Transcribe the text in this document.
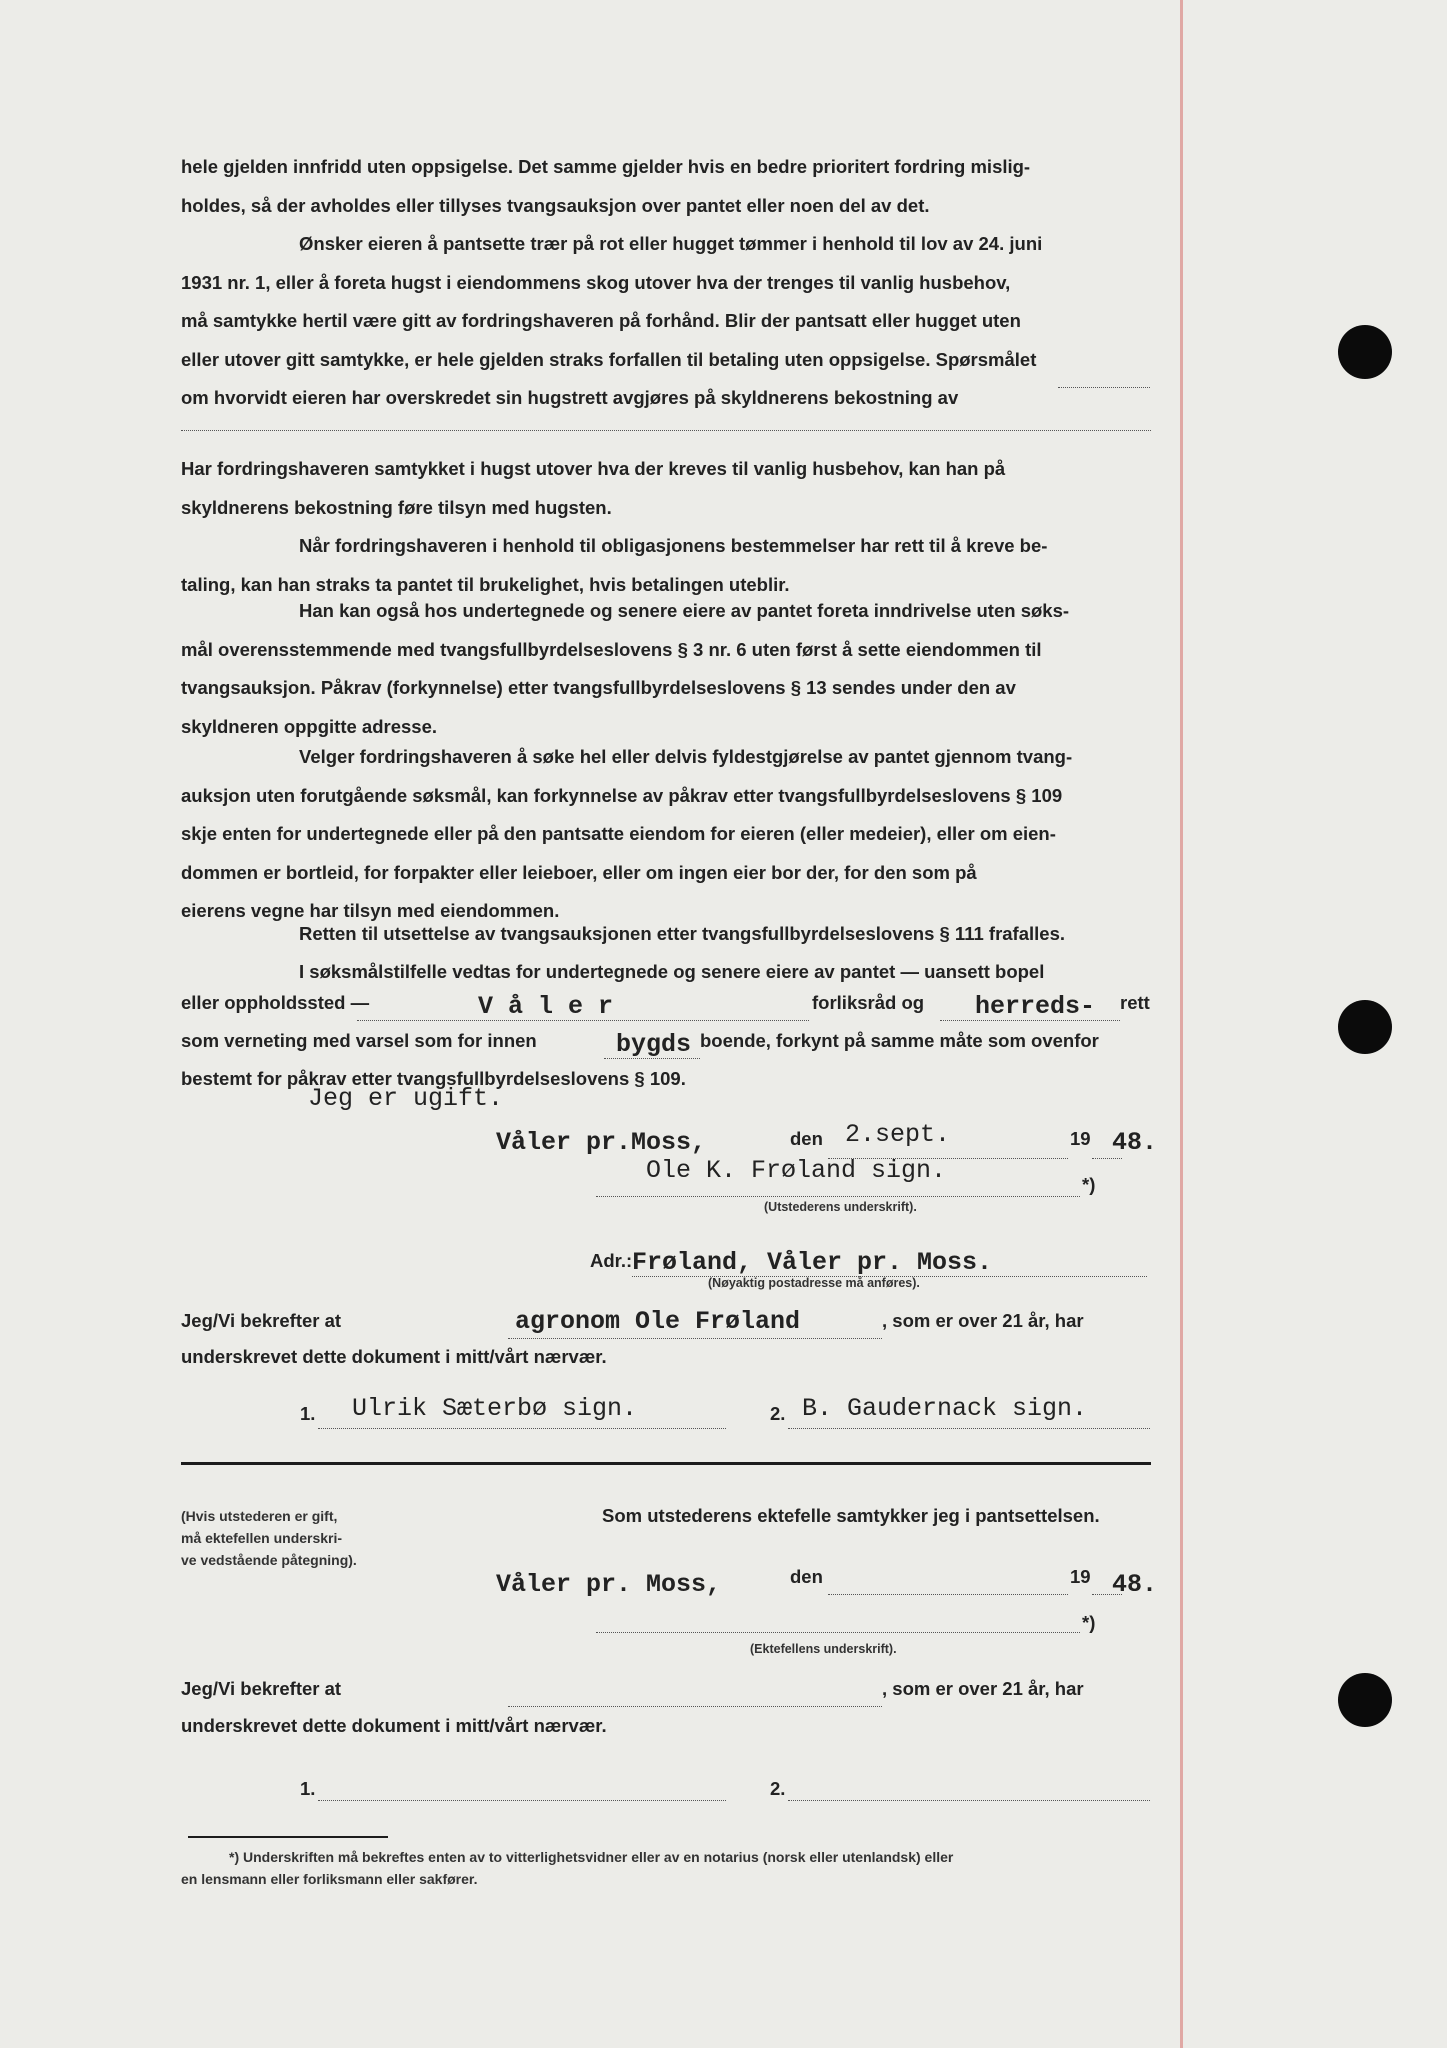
hele gjelden innfridd uten oppsigelse. Det samme gjelder hvis en bedre prioritert fordring mislig-
holdes, så der avholdes eller tillyses tvangsauksjon over pantet eller noen del av det.
Ønsker eieren å pantsette trær på rot eller hugget tømmer i henhold til lov av 24. juni
1931 nr. 1, eller å foreta hugst i eiendommens skog utover hva der trenges til vanlig husbehov,
må samtykke hertil være gitt av fordringshaveren på forhånd. Blir der pantsatt eller hugget uten
eller utover gitt samtykke, er hele gjelden straks forfallen til betaling uten oppsigelse. Spørsmålet
om hvorvidt eieren har overskredet sin hugstrett avgjøres på skyldnerens bekostning av
Har fordringshaveren samtykket i hugst utover hva der kreves til vanlig husbehov, kan han på
skyldnerens bekostning føre tilsyn med hugsten.
Når fordringshaveren i henhold til obligasjonens bestemmelser har rett til å kreve be-
taling, kan han straks ta pantet til brukelighet, hvis betalingen uteblir.
Han kan også hos undertegnede og senere eiere av pantet foreta inndrivelse uten søks-
mål overensstemmende med tvangsfullbyrdelseslovens § 3 nr. 6 uten først å sette eiendommen til
tvangsauksjon. Påkrav (forkynnelse) etter tvangsfullbyrdelseslovens § 13 sendes under den av
skyldneren oppgitte adresse.
Velger fordringshaveren å søke hel eller delvis fyldestgjørelse av pantet gjennom tvang-
auksjon uten forutgående søksmål, kan forkynnelse av påkrav etter tvangsfullbyrdelseslovens § 109
skje enten for undertegnede eller på den pantsatte eiendom for eieren (eller medeier), eller om eien-
dommen er bortleid, for forpakter eller leieboer, eller om ingen eier bor der, for den som på
eierens vegne har tilsyn med eiendommen.
Retten til utsettelse av tvangsauksjonen etter tvangsfullbyrdelseslovens § 111 frafalles.
I søksmålstilfelle vedtas for undertegnede og senere eiere av pantet — uansett bopel
eller oppholdssted —	V å l e r	forliksråd og herreds- rett
som verneting med varsel som for innen	bygds boende, forkynt på samme måte som ovenfor
bestemt for påkrav etter tvangsfullbyrdelseslovens § 109.
Jeg er ugift.
Våler pr.Moss,	den 2.sept.	19 48.
Ole K. Frøland sign.	*)
(Utstederens underskrift).
Adr.: Frøland, Våler pr. Moss.
(Nøyaktig postadresse må anføres).
Jeg/Vi bekrefter at	agronom Ole Frøland	, som er over 21 år, har
underskrevet dette dokument i mitt/vårt nærvær.
1. Ulrik Sæterbø sign.	2. B. Gaudernack sign.
(Hvis utstederen er gift,
må ektefellen underskri-
ve vedstående påtegning).
Som utstederens ektefelle samtykker jeg i pantsettelsen.
Våler pr. Moss,	den	19 48.
*)
(Ektefellens underskrift).
Jeg/Vi bekrefter at	, som er over 21 år, har
underskrevet dette dokument i mitt/vårt nærvær.
1.	2.
*) Underskriften må bekreftes enten av to vitterlighetsvidner eller av en notarius (norsk eller utenlandsk) eller
en lensmann eller forliksmann eller sakfører.
